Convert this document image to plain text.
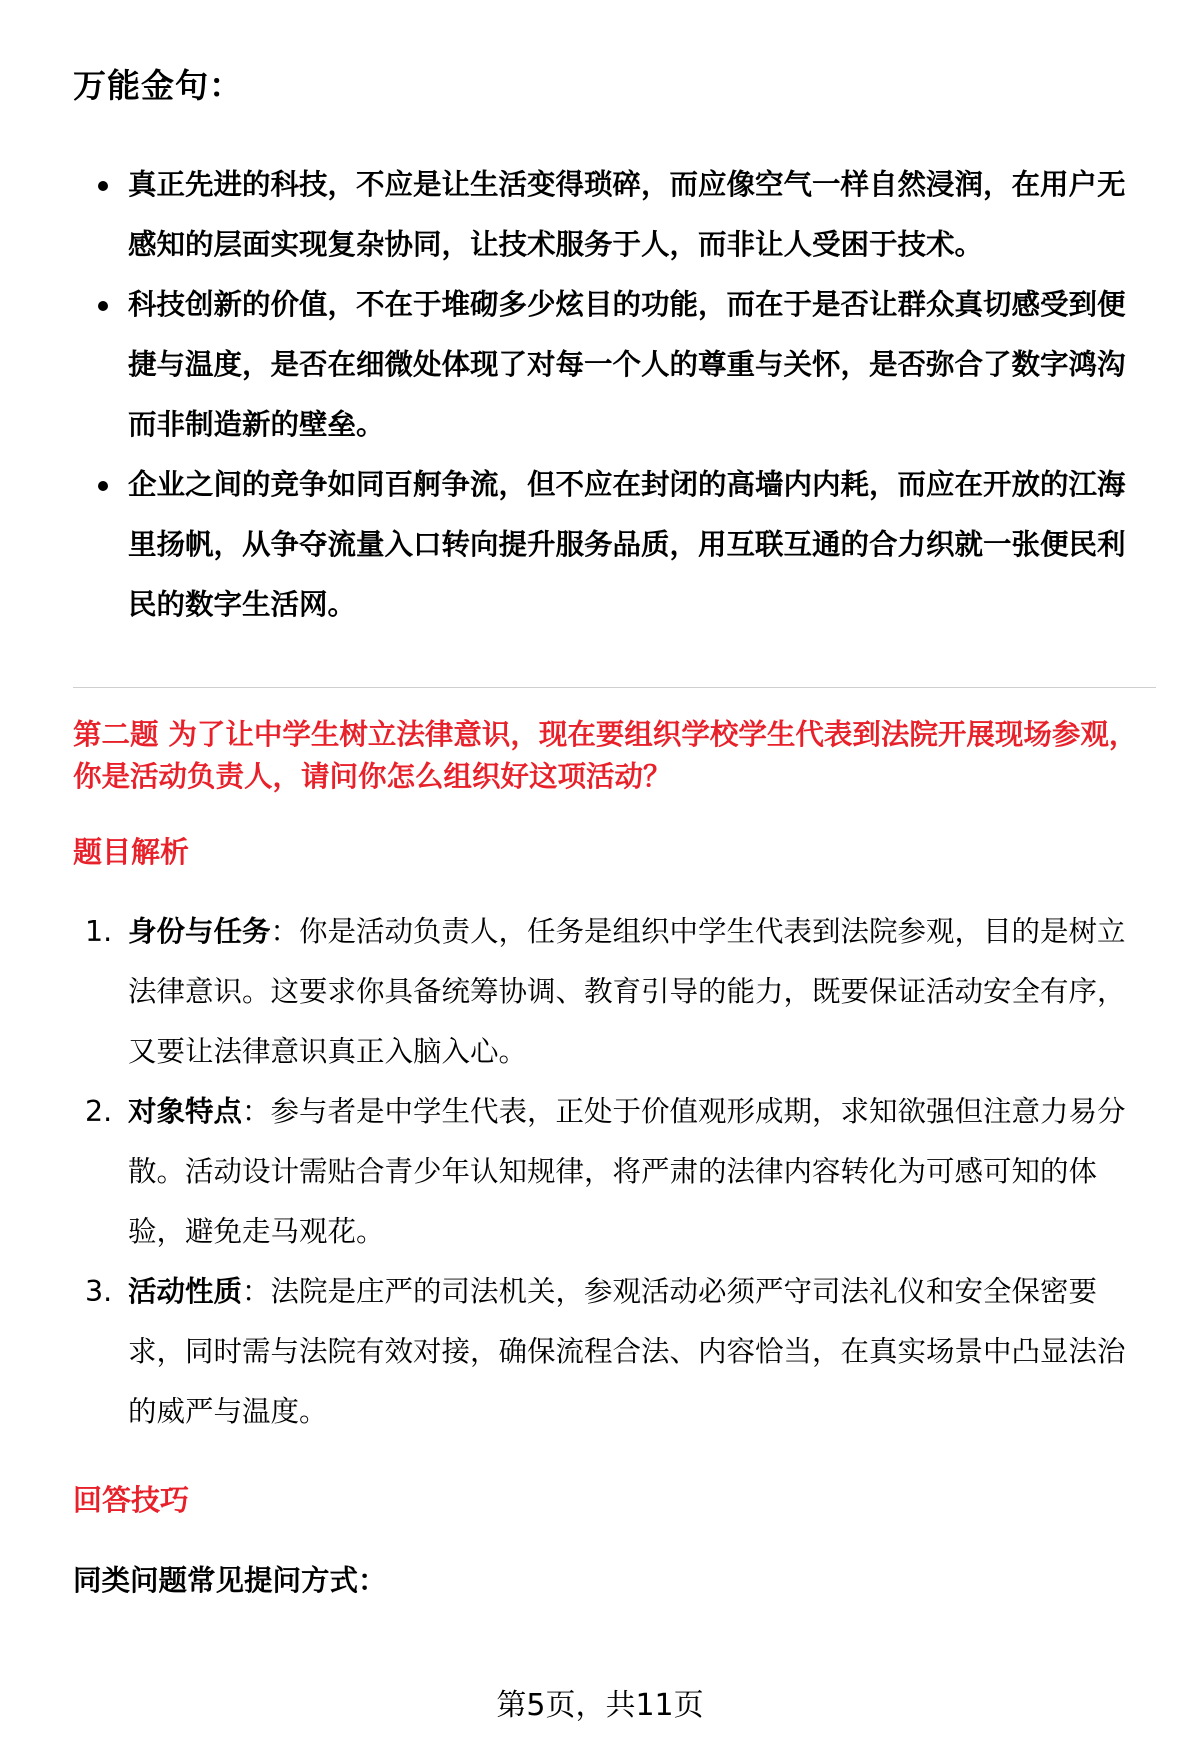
万能金句：
真正先进的科技，不应是让生活变得琐碎，而应像空气一样自然浸润，在用户无感知的层面实现复杂协同，让技术服务于人，而非让人受困于技术。
科技创新的价值，不在于堆砌多少炫目的功能，而在于是否让群众真切感受到便捷与温度，是否在细微处体现了对每一个人的尊重与关怀，是否弥合了数字鸿沟而非制造新的壁垒。
企业之间的竞争如同百舸争流，但不应在封闭的高墙内内耗，而应在开放的江海里扬帆，从争夺流量入口转向提升服务品质，用互联互通的合力织就一张便民利民的数字生活网。
第二题 为了让中学生树立法律意识，现在要组织学校学生代表到法院开展现场参观，你是活动负责人，请问你怎么组织好这项活动？
题目解析
1. 身份与任务：你是活动负责人，任务是组织中学生代表到法院参观，目的是树立法律意识。这要求你具备统筹协调、教育引导的能力，既要保证活动安全有序，又要让法律意识真正入脑入心。
2. 对象特点：参与者是中学生代表，正处于价值观形成期，求知欲强但注意力易分散。活动设计需贴合青少年认知规律，将严肃的法律内容转化为可感可知的体验，避免走马观花。
3. 活动性质：法院是庄严的司法机关，参观活动必须严守司法礼仪和安全保密要求，同时需与法院有效对接，确保流程合法、内容恰当，在真实场景中凸显法治的威严与温度。
回答技巧
同类问题常见提问方式：
第5页，共11页
